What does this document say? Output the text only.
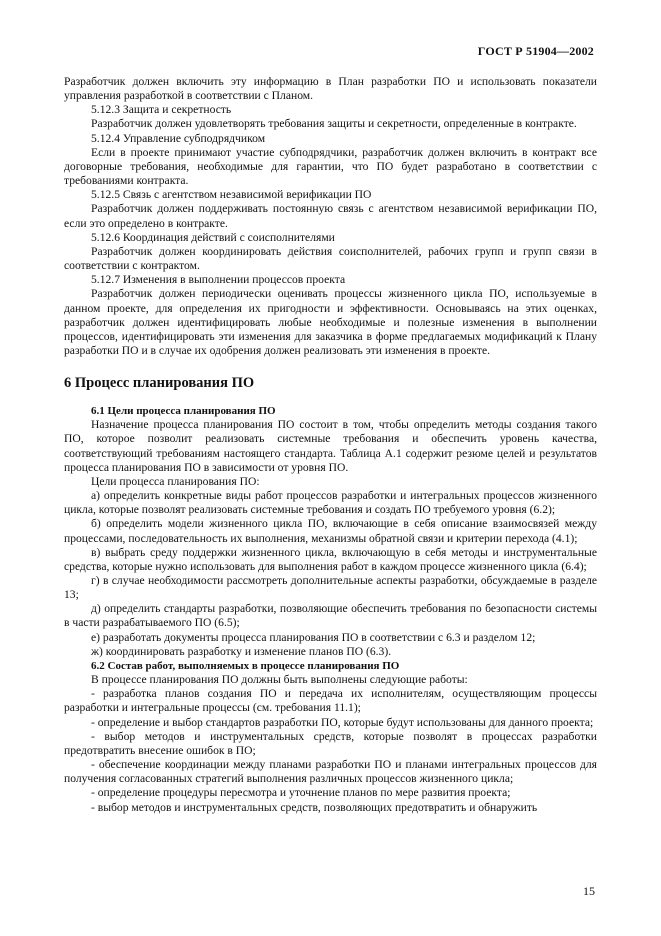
ГОСТ Р 51904—2002

Разработчик должен включить эту информацию в План разработки ПО и использовать показатели управления разработкой в соответствии с Планом.

5.12.3 Защита и секретность

Разработчик должен удовлетворять требования защиты и секретности, определенные в контракте.

5.12.4 Управление субподрядчиком

Если в проекте принимают участие субподрядчики, разработчик должен включить в контракт все договорные требования, необходимые для гарантии, что ПО будет разработано в соответствии с требованиями контракта.

5.12.5 Связь с агентством независимой верификации ПО

Разработчик должен поддерживать постоянную связь с агентством независимой верификации ПО, если это определено в контракте.

5.12.6 Координация действий с соисполнителями

Разработчик должен координировать действия соисполнителей, рабочих групп и групп связи в соответствии с контрактом.

5.12.7 Изменения в выполнении процессов проекта

Разработчик должен периодически оценивать процессы жизненного цикла ПО, используемые в данном проекте, для определения их пригодности и эффективности. Основываясь на этих оценках, разработчик должен идентифицировать любые необходимые и полезные изменения в выполнении процессов, идентифицировать эти изменения для заказчика в форме предлагаемых модификаций к Плану разработки ПО и в случае их одобрения должен реализовать эти изменения в проекте.

6 Процесс планирования ПО

6.1 Цели процесса планирования ПО

Назначение процесса планирования ПО состоит в том, чтобы определить методы создания такого ПО, которое позволит реализовать системные требования и обеспечить уровень качества, соответствующий требованиям настоящего стандарта. Таблица А.1 содержит резюме целей и результатов процесса планирования ПО в зависимости от уровня ПО.

Цели процесса планирования ПО:

а) определить конкретные виды работ процессов разработки и интегральных процессов жизненного цикла, которые позволят реализовать системные требования и создать ПО требуемого уровня (6.2);

б) определить модели жизненного цикла ПО, включающие в себя описание взаимосвязей между процессами, последовательность их выполнения, механизмы обратной связи и критерии перехода (4.1);

в) выбрать среду поддержки жизненного цикла, включающую в себя методы и инструментальные средства, которые нужно использовать для выполнения работ в каждом процессе жизненного цикла (6.4);

г) в случае необходимости рассмотреть дополнительные аспекты разработки, обсуждаемые в разделе 13;

д) определить стандарты разработки, позволяющие обеспечить требования по безопасности системы в части разрабатываемого ПО (6.5);

е) разработать документы процесса планирования ПО в соответствии с 6.3 и разделом 12;

ж) координировать разработку и изменение планов ПО (6.3).

6.2 Состав работ, выполняемых в процессе планирования ПО

В процессе планирования ПО должны быть выполнены следующие работы:

- разработка планов создания ПО и передача их исполнителям, осуществляющим процессы разработки и интегральные процессы (см. требования 11.1);

- определение и выбор стандартов разработки ПО, которые будут использованы для данного проекта;

- выбор методов и инструментальных средств, которые позволят в процессах разработки предотвратить внесение ошибок в ПО;

- обеспечение координации между планами разработки ПО и планами интегральных процессов для получения согласованных стратегий выполнения различных процессов жизненного цикла;

- определение процедуры пересмотра и уточнение планов по мере развития проекта;

- выбор методов и инструментальных средств, позволяющих предотвратить и обнаружить

15
